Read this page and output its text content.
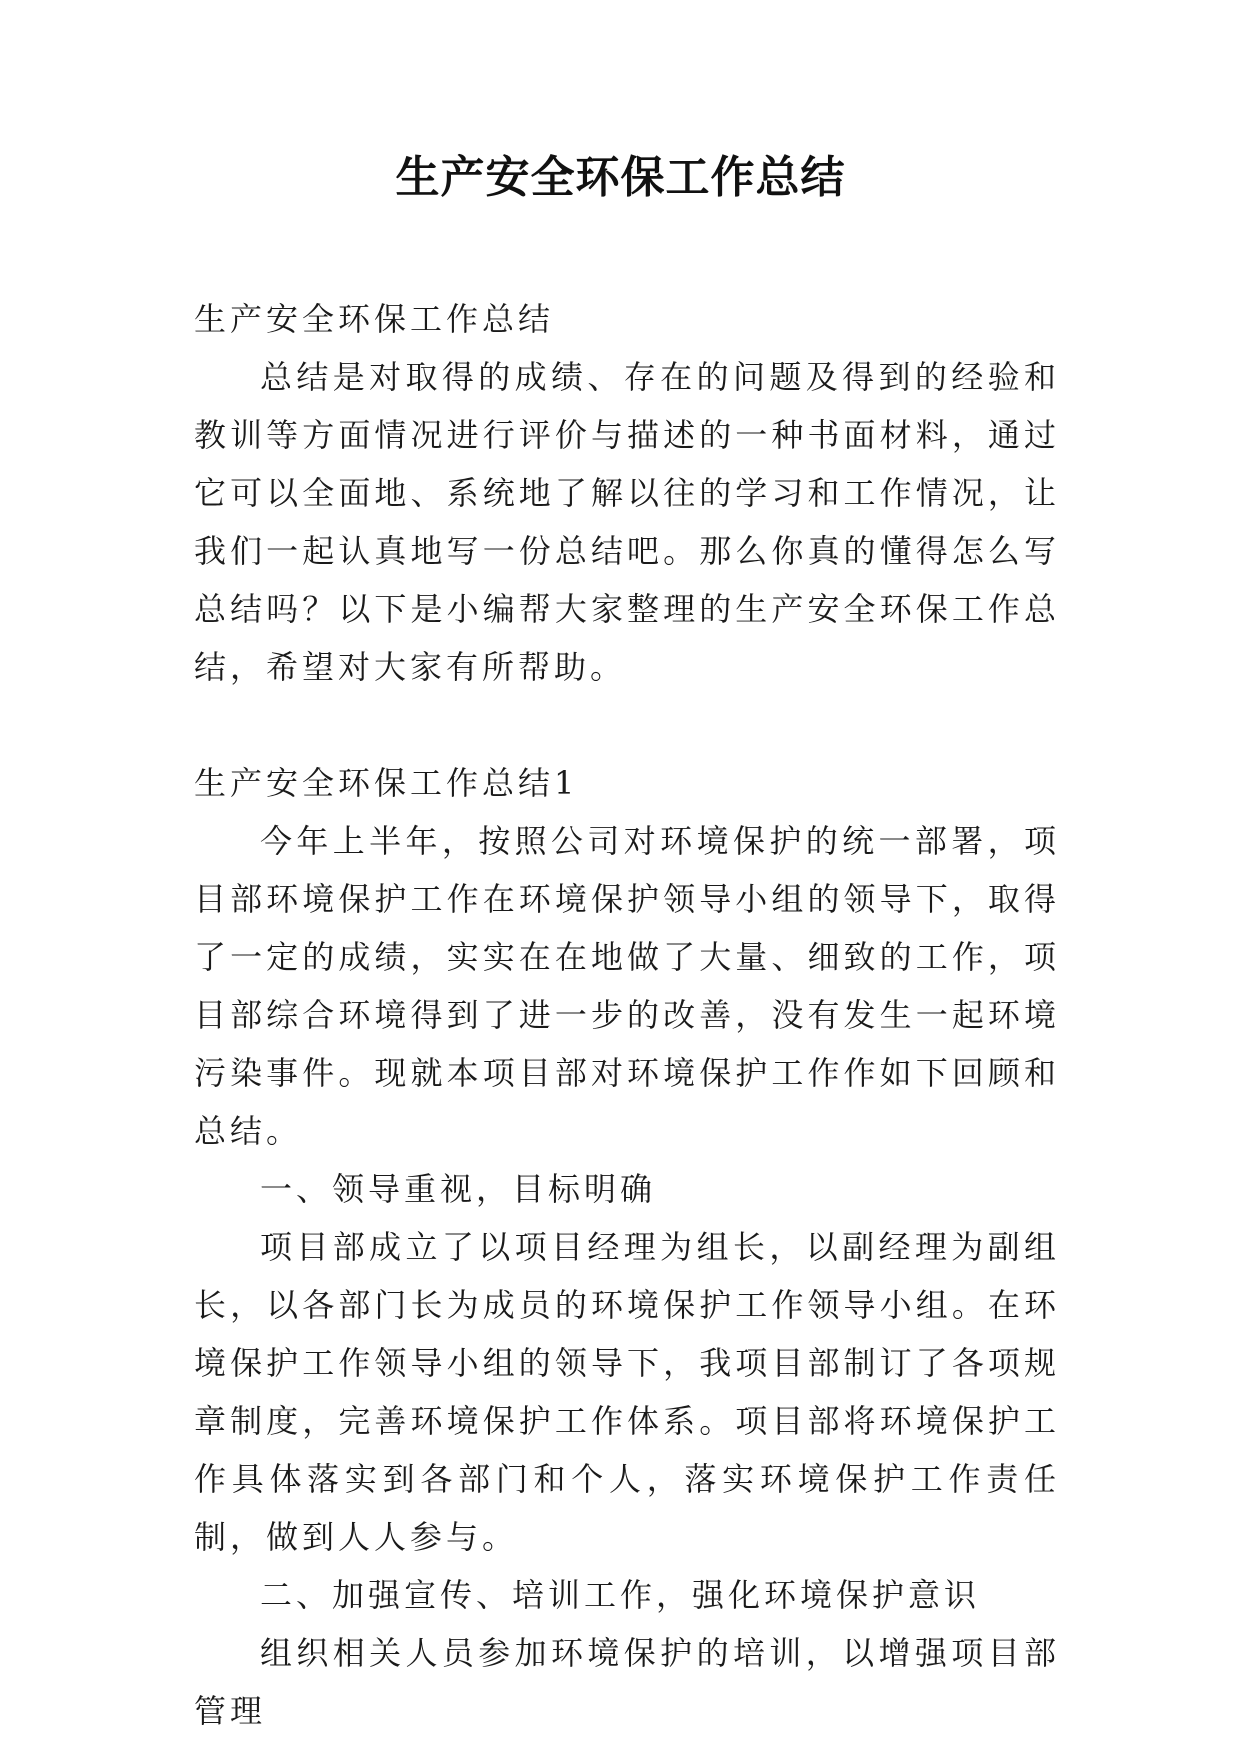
生产安全环保工作总结

生产安全环保工作总结

总结是对取得的成绩、存在的问题及得到的经验和教训等方面情况进行评价与描述的一种书面材料，通过它可以全面地、系统地了解以往的学习和工作情况，让我们一起认真地写一份总结吧。那么你真的懂得怎么写总结吗？以下是小编帮大家整理的生产安全环保工作总结，希望对大家有所帮助。

生产安全环保工作总结1

今年上半年，按照公司对环境保护的统一部署，项目部环境保护工作在环境保护领导小组的领导下，取得了一定的成绩，实实在在地做了大量、细致的工作，项目部综合环境得到了进一步的改善，没有发生一起环境污染事件。现就本项目部对环境保护工作作如下回顾和总结。

一、领导重视，目标明确

项目部成立了以项目经理为组长，以副经理为副组长，以各部门长为成员的环境保护工作领导小组。在环境保护工作领导小组的领导下，我项目部制订了各项规章制度，完善环境保护工作体系。项目部将环境保护工作具体落实到各部门和个人，落实环境保护工作责任制，做到人人参与。

二、加强宣传、培训工作，强化环境保护意识

组织相关人员参加环境保护的培训，以增强项目部管理
